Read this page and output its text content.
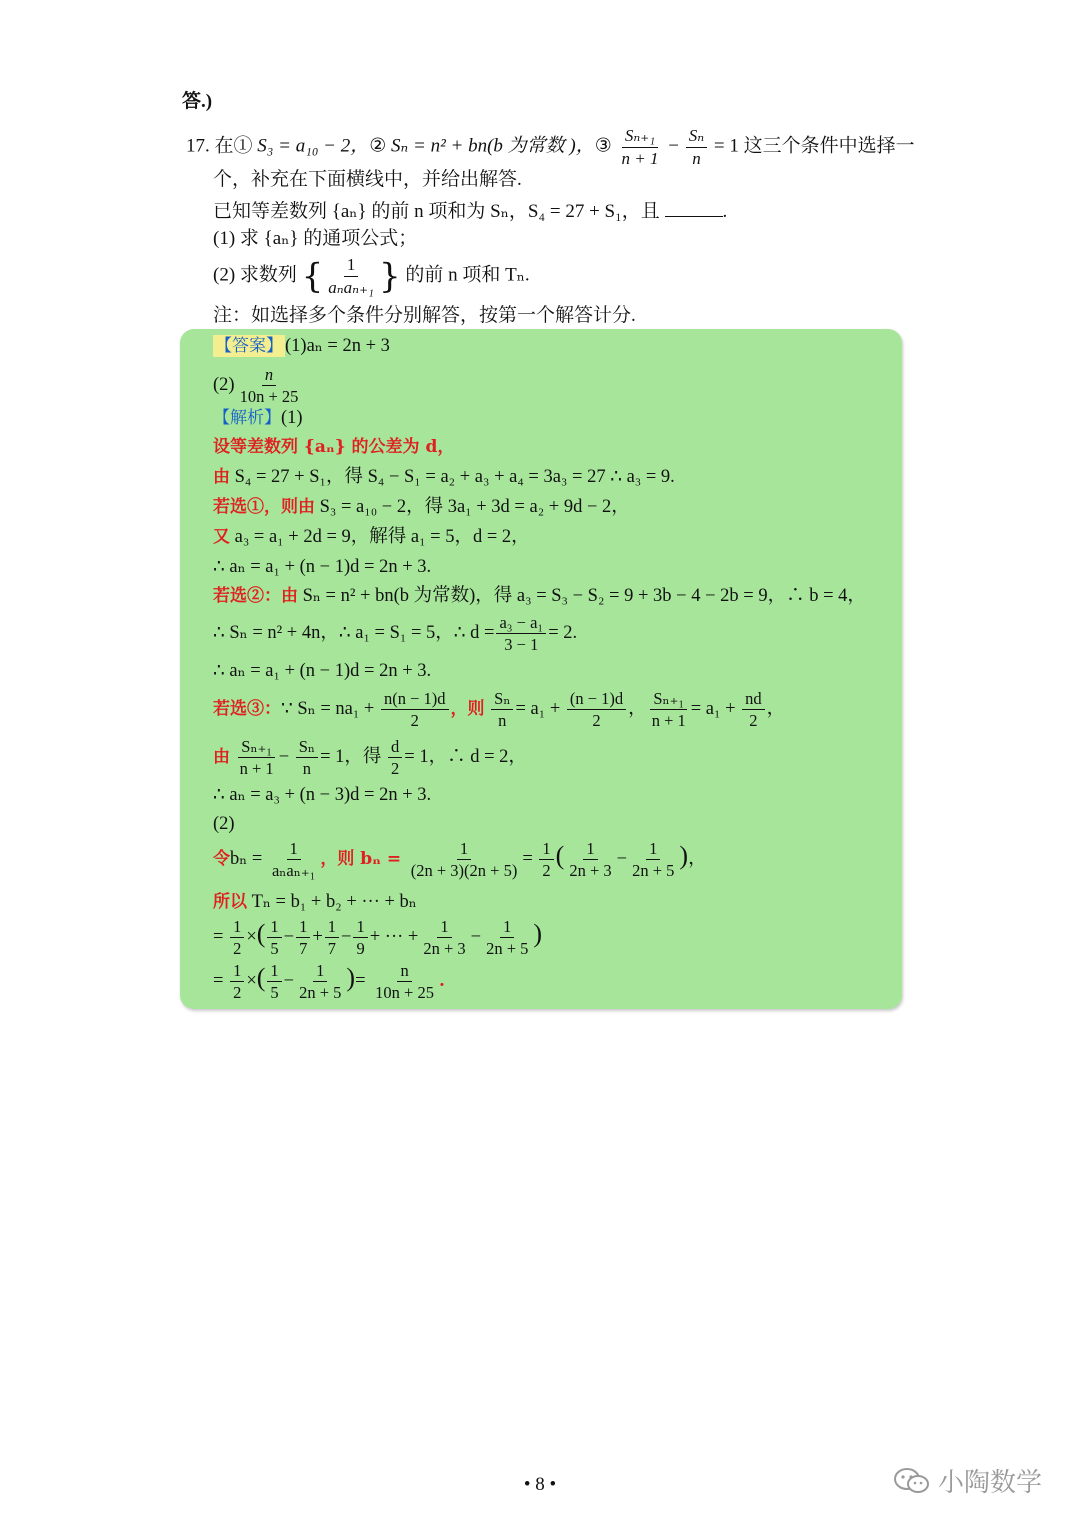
答.)
17. 在① S₃ = a₁₀ − 2，② Sₙ = n² + bn(b 为常数 )，③ $\frac{\text{Sₙ₊₁}}{n + 1} - \frac{\text{Sₙ}}{n} = 1$ 这三个条件中选择一
个，补充在下面横线中，并给出解答.
已知等差数列 {aₙ} 的前 n 项和为 Sₙ，S₄ = 27 + S₁，且	.
(1) 求 {aₙ} 的通项公式；
(2) 求数列 { $\frac{1}{\text{aₙaₙ₊₁}}$ } 的前 n 项和 Tₙ.
注：如选择多个条件分别解答，按第一个解答计分.
【答案】 (1)aₙ = 2n + 3
$(2) \frac{n}{10n + 25}$
【解析】(1)
设等差数列 {aₙ} 的公差为 d，
由 S₄ = 27 + S₁，得 S₄ − S₁ = a₂ + a₃ + a₄ = 3a₃ = 27 ∴ a₃ = 9.
若选①，则由 S₃ = a₁₀ − 2，得 3a₁ + 3d = a₂ + 9d − 2，
又 a₃ = a₁ + 2d = 9，解得 a₁ = 5，d = 2，
∴ aₙ = a₁ + (n − 1)d = 2n + 3.
若选②：由 Sₙ = n² + bn(b 为常数)，得 a₃ = S₃ − S₂ = 9 + 3b − 4 − 2b = 9，∴ b = 4，
∴ Sₙ = n² + 4n，∴ a₁ = S₁ = 5，∴ $d = \frac{\text{a₃ − a₁}}{3 - 1} = 2$.
∴ aₙ = a₁ + (n − 1)d = 2n + 3.
若选③：∵ $S_n = na_1 + \frac{n(n - 1)d}{2}$ ，则 $\frac{\text{Sₙ}}{n} = a_1 + \frac{(n - 1)d}{2}$ ， $\frac{\text{Sₙ₊₁}}{n + 1} = a_1 + \frac{nd}{2}$ ，
由 $\frac{\text{Sₙ₊₁}}{n + 1} - \frac{\text{Sₙ}}{n} = 1$，得 $\frac{d}{2} = 1$，∴ d = 2，
∴ aₙ = a₃ + (n − 3)d = 2n + 3.
(2)
令$b_n = \frac{1}{\text{aₙaₙ₊₁}}$ ，则 $b_n = \frac{1}{(2n + 3)(2n + 5)} = \frac{1}{2}$ ( $\frac{1}{2n + 3} - \frac{1}{2n + 5}$ )，
所以 Tₙ = b₁ + b₂ + ··· + bₙ
= $\frac{1}{2}$ ×( $\frac{1}{5} - \frac{1}{7} + \frac{1}{7} - \frac{1}{9}$ + ··· + $\frac{1}{2n + 3} - \frac{1}{2n + 5}$ )
= $\frac{1}{2}$ ×( $\frac{1}{5} - \frac{1}{2n + 5}$ )= $\frac{n}{10n + 25}$ .
• 8 •	小陶数学
